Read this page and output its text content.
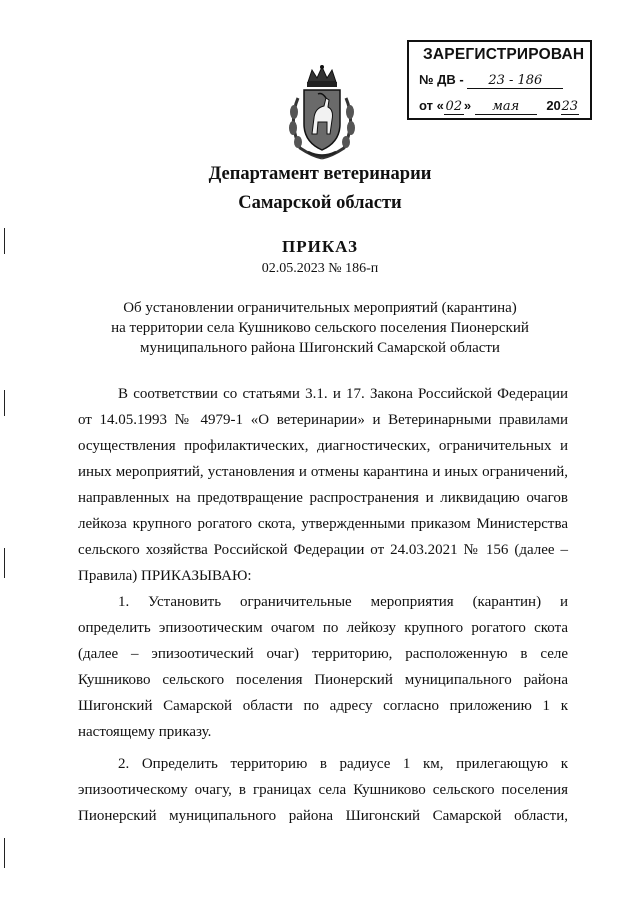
ЗАРЕГИСТРИРОВАН
№ ДВ - 23 - 186
от « 02 » мая 2023
Департамент ветеринарии
Самарской области
ПРИКАЗ
02.05.2023 № 186-п
Об установлении ограничительных мероприятий (карантина)
на территории села Кушниково сельского поселения Пионерский
муниципального района Шигонский Самарской области

В соответствии со статьями 3.1. и 17. Закона Российской Федерации от 14.05.1993 № 4979-1 «О ветеринарии» и Ветеринарными правилами осуществления профилактических, диагностических, ограничительных и иных мероприятий, установления и отмены карантина и иных ограничений, направленных на предотвращение распространения и ликвидацию очагов лейкоза крупного рогатого скота, утвержденными приказом Министерства сельского хозяйства Российской Федерации от 24.03.2021 № 156 (далее – Правила) ПРИКАЗЫВАЮ:

1. Установить ограничительные мероприятия (карантин) и определить эпизоотическим очагом по лейкозу крупного рогатого скота (далее – эпизоотический очаг) территорию, расположенную в селе Кушниково сельского поселения Пионерский муниципального района Шигонский Самарской области по адресу согласно приложению 1 к настоящему приказу.

2. Определить территорию в радиусе 1 км, прилегающую к эпизоотическому очагу, в границах села Кушниково сельского поселения Пионерский муниципального района Шигонский Самарской области,
